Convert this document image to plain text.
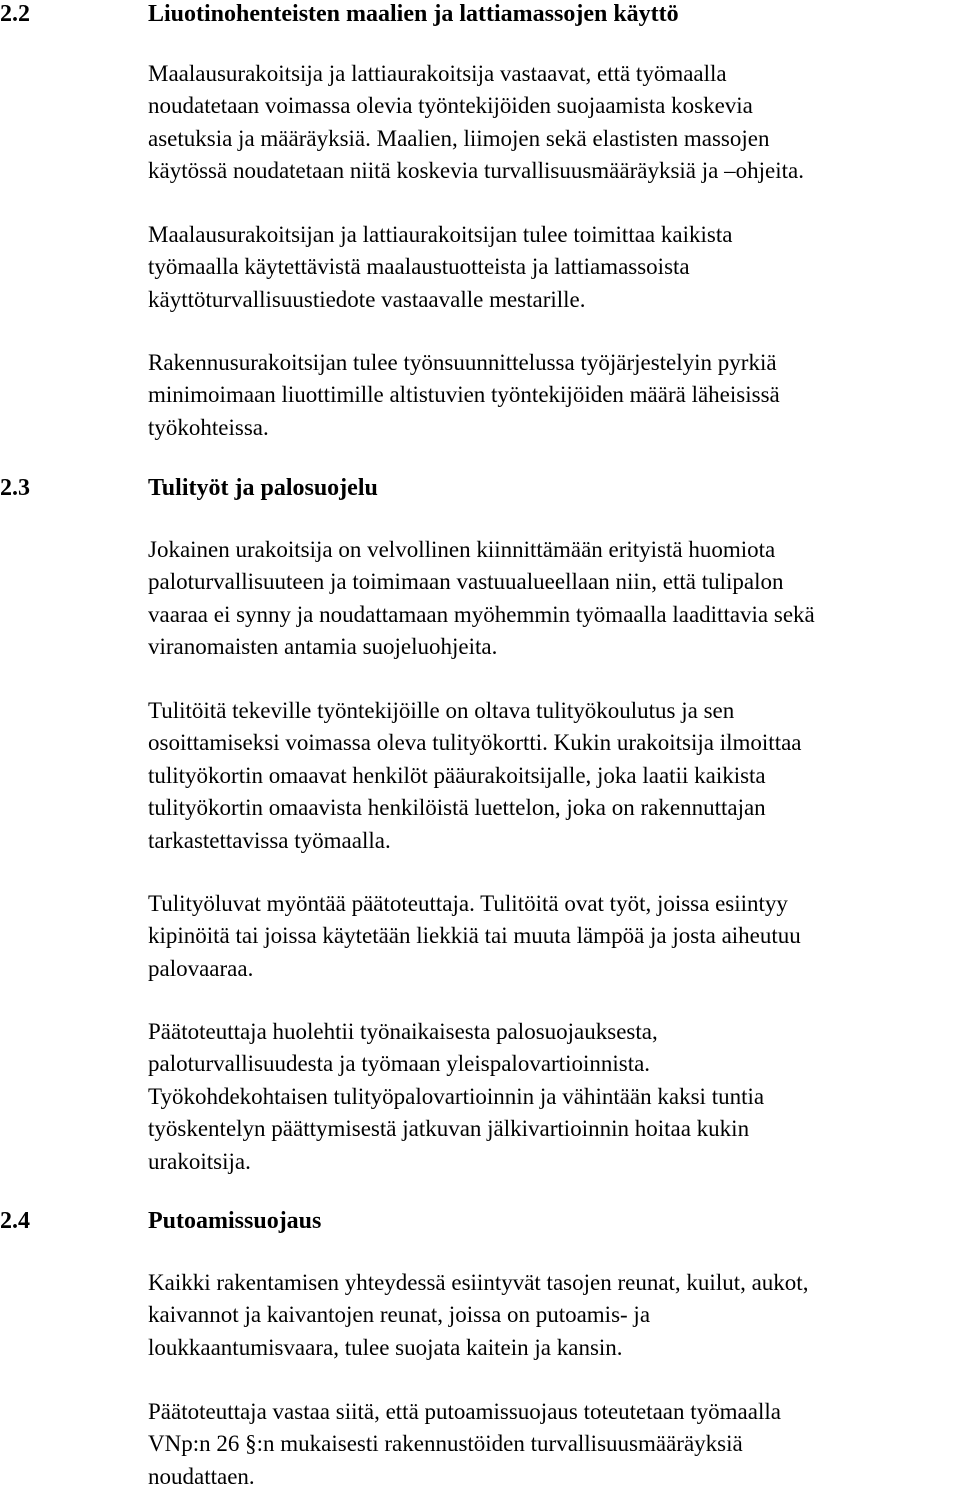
2.2	Liuotinohenteisten maalien ja lattiamassojen käyttö

Maalausurakoitsija ja lattiaurakoitsija vastaavat, että työmaalla
noudatetaan voimassa olevia työntekijöiden suojaamista koskevia
asetuksia ja määräyksiä. Maalien, liimojen sekä elastisten massojen
käytössä noudatetaan niitä koskevia turvallisuusmääräyksiä ja –ohjeita.

Maalausurakoitsijan ja lattiaurakoitsijan tulee toimittaa kaikista
työmaalla käytettävistä maalaustuotteista ja lattiamassoista
käyttöturvallisuustiedote vastaavalle mestarille.

Rakennusurakoitsijan tulee työnsuunnittelussa työjärjestelyin pyrkiä
minimoimaan liuottimille altistuvien työntekijöiden määrä läheisissä
työkohteissa.

2.3	Tulityöt ja palosuojelu

Jokainen urakoitsija on velvollinen kiinnittämään erityistä huomiota
paloturvallisuuteen ja toimimaan vastuualueellaan niin, että tulipalon
vaaraa ei synny ja noudattamaan myöhemmin työmaalla laadittavia sekä
viranomaisten antamia suojeluohjeita.

Tulitöitä tekeville työntekijöille on oltava tulityökoulutus ja sen
osoittamiseksi voimassa oleva tulityökortti. Kukin urakoitsija ilmoittaa
tulityökortin omaavat henkilöt pääurakoitsijalle, joka laatii kaikista
tulityökortin omaavista henkilöistä luettelon, joka on rakennuttajan
tarkastettavissa työmaalla.

Tulityöluvat myöntää päätoteuttaja. Tulitöitä ovat työt, joissa esiintyy
kipinöitä tai joissa käytetään liekkiä tai muuta lämpöä ja josta aiheutuu
palovaaraa.

Päätoteuttaja huolehtii työnaikaisesta palosuojauksesta,
paloturvallisuudesta ja työmaan yleispalovartioinnista.
Työkohdekohtaisen tulityöpalovartioinnin ja vähintään kaksi tuntia
työskentelyn päättymisestä jatkuvan jälkivartioinnin hoitaa kukin
urakoitsija.

2.4	Putoamissuojaus

Kaikki rakentamisen yhteydessä esiintyvät tasojen reunat, kuilut, aukot,
kaivannot ja kaivantojen reunat, joissa on putoamis- ja
loukkaantumisvaara, tulee suojata kaitein ja kansin.

Päätoteuttaja vastaa siitä, että putoamissuojaus toteutetaan työmaalla
VNp:n 26 §:n mukaisesti rakennustöiden turvallisuusmääräyksiä
noudattaen.
